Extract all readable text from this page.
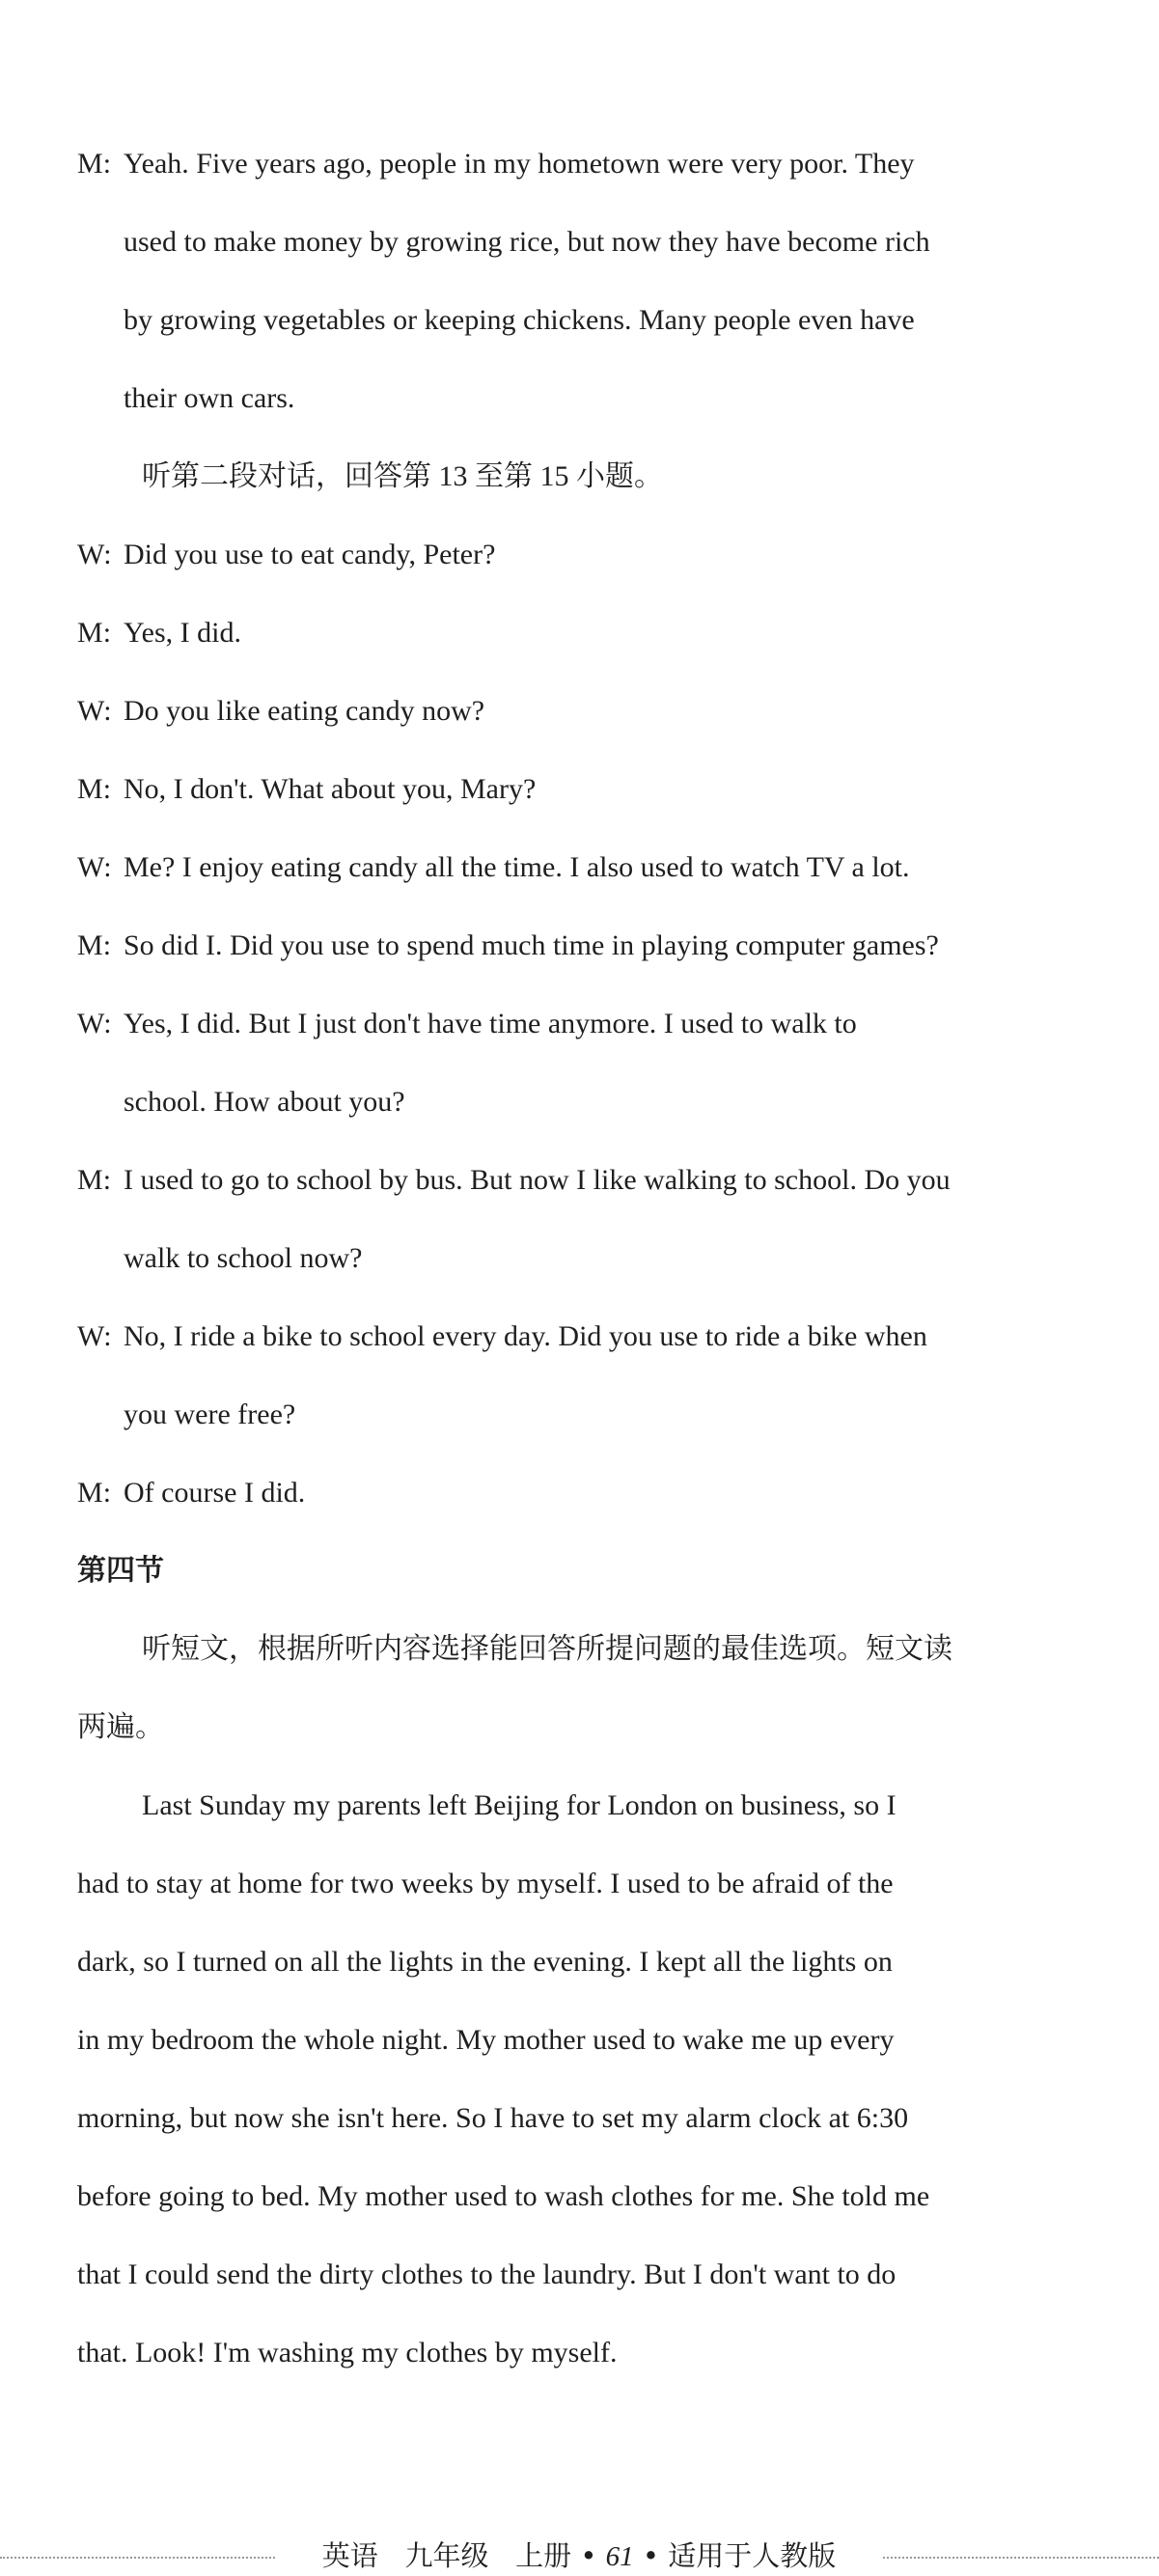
M: Yeah. Five years ago, people in my hometown were very poor. They
used to make money by growing rice, but now they have become rich
by growing vegetables or keeping chickens. Many people even have
their own cars.
听第二段对话，回答第 13 至第 15 小题。
W: Did you use to eat candy, Peter?
M: Yes, I did.
W: Do you like eating candy now?
M: No, I don't. What about you, Mary?
W: Me? I enjoy eating candy all the time. I also used to watch TV a lot.
M: So did I. Did you use to spend much time in playing computer games?
W: Yes, I did. But I just don't have time anymore. I used to walk to
school. How about you?
M: I used to go to school by bus. But now I like walking to school. Do you
walk to school now?
W: No, I ride a bike to school every day. Did you use to ride a bike when
you were free?
M: Of course I did.
第四节
听短文，根据所听内容选择能回答所提问题的最佳选项。短文读
两遍。
Last Sunday my parents left Beijing for London on business, so I
had to stay at home for two weeks by myself. I used to be afraid of the
dark, so I turned on all the lights in the evening. I kept all the lights on
in my bedroom the whole night. My mother used to wake me up every
morning, but now she isn't here. So I have to set my alarm clock at 6:30
before going to bed. My mother used to wash clothes for me. She told me
that I could send the dirty clothes to the laundry. But I don't want to do
that. Look! I'm washing my clothes by myself.
英语 九年级 上册 • 61 • 适用于人教版
